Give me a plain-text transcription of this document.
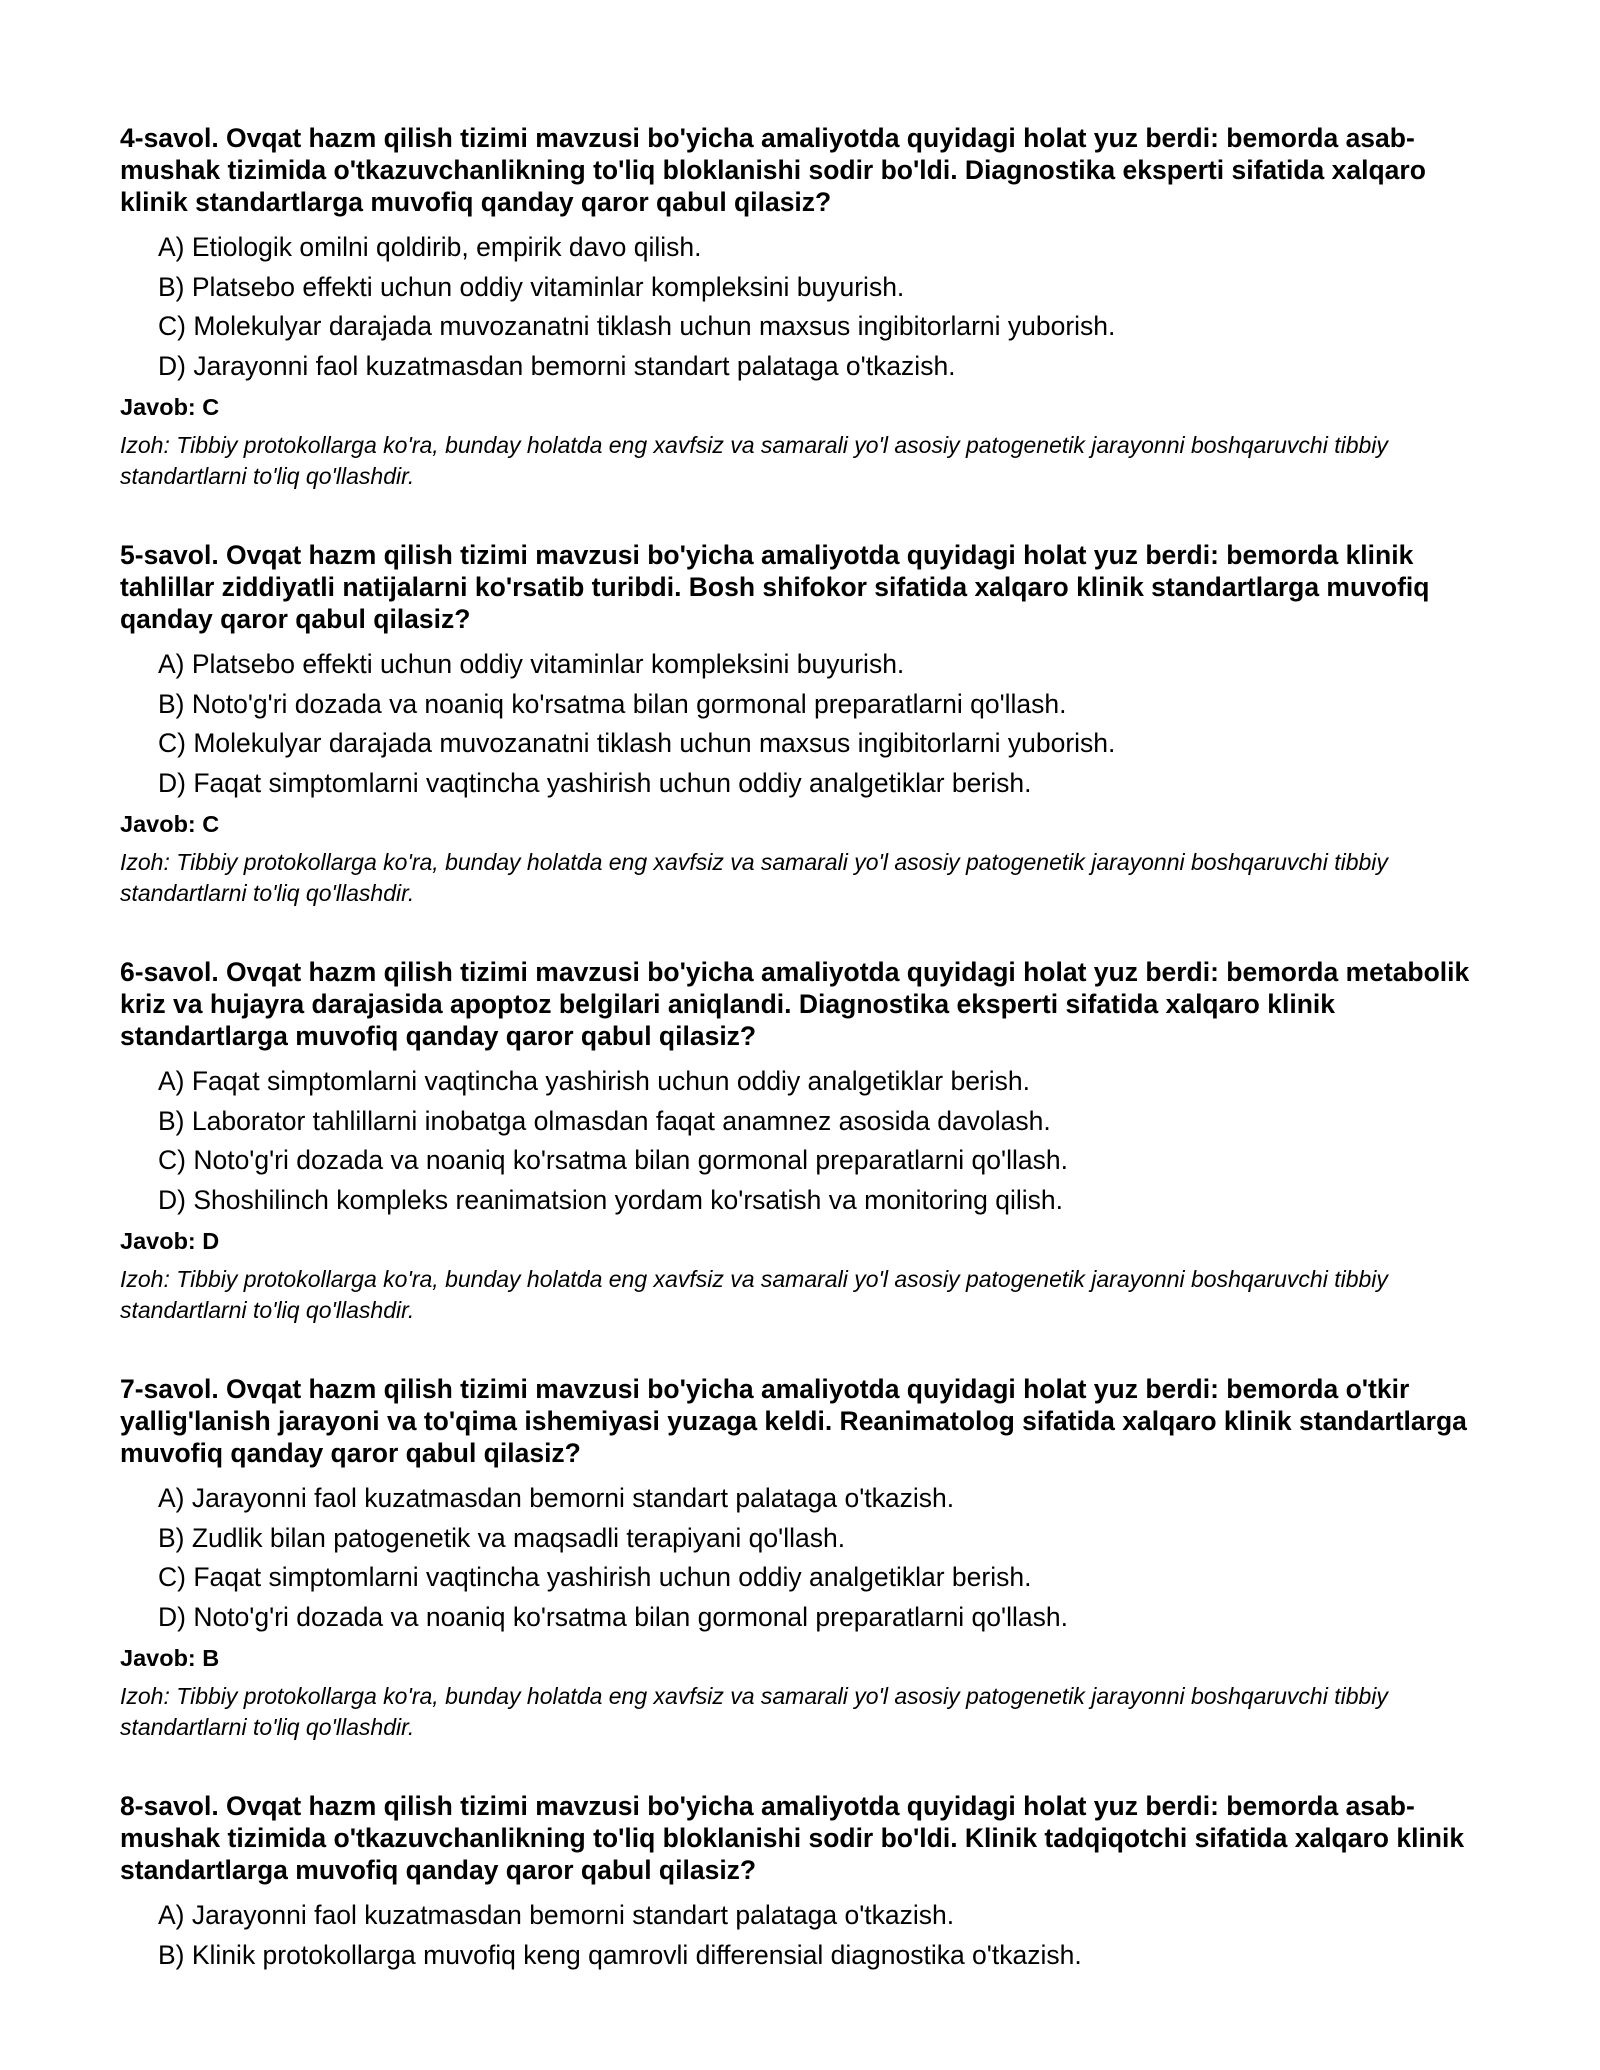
4-savol. Ovqat hazm qilish tizimi mavzusi bo'yicha amaliyotda quyidagi holat yuz berdi: bemorda asab-mushak tizimida o'tkazuvchanlikning to'liq bloklanishi sodir bo'ldi. Diagnostika eksperti sifatida xalqaro klinik standartlarga muvofiq qanday qaror qabul qilasiz?

A) Etiologik omilni qoldirib, empirik davo qilish.
B) Platsebo effekti uchun oddiy vitaminlar kompleksini buyurish.
C) Molekulyar darajada muvozanatni tiklash uchun maxsus ingibitorlarni yuborish.
D) Jarayonni faol kuzatmasdan bemorni standart palataga o'tkazish.

Javob: C

Izoh: Tibbiy protokollarga ko'ra, bunday holatda eng xavfsiz va samarali yo'l asosiy patogenetik jarayonni boshqaruvchi tibbiy standartlarni to'liq qo'llashdir.

5-savol. Ovqat hazm qilish tizimi mavzusi bo'yicha amaliyotda quyidagi holat yuz berdi: bemorda klinik tahlillar ziddiyatli natijalarni ko'rsatib turibdi. Bosh shifokor sifatida xalqaro klinik standartlarga muvofiq qanday qaror qabul qilasiz?

A) Platsebo effekti uchun oddiy vitaminlar kompleksini buyurish.
B) Noto'g'ri dozada va noaniq ko'rsatma bilan gormonal preparatlarni qo'llash.
C) Molekulyar darajada muvozanatni tiklash uchun maxsus ingibitorlarni yuborish.
D) Faqat simptomlarni vaqtincha yashirish uchun oddiy analgetiklar berish.

Javob: C

Izoh: Tibbiy protokollarga ko'ra, bunday holatda eng xavfsiz va samarali yo'l asosiy patogenetik jarayonni boshqaruvchi tibbiy standartlarni to'liq qo'llashdir.

6-savol. Ovqat hazm qilish tizimi mavzusi bo'yicha amaliyotda quyidagi holat yuz berdi: bemorda metabolik kriz va hujayra darajasida apoptoz belgilari aniqlandi. Diagnostika eksperti sifatida xalqaro klinik standartlarga muvofiq qanday qaror qabul qilasiz?

A) Faqat simptomlarni vaqtincha yashirish uchun oddiy analgetiklar berish.
B) Laborator tahlillarni inobatga olmasdan faqat anamnez asosida davolash.
C) Noto'g'ri dozada va noaniq ko'rsatma bilan gormonal preparatlarni qo'llash.
D) Shoshilinch kompleks reanimatsion yordam ko'rsatish va monitoring qilish.

Javob: D

Izoh: Tibbiy protokollarga ko'ra, bunday holatda eng xavfsiz va samarali yo'l asosiy patogenetik jarayonni boshqaruvchi tibbiy standartlarni to'liq qo'llashdir.

7-savol. Ovqat hazm qilish tizimi mavzusi bo'yicha amaliyotda quyidagi holat yuz berdi: bemorda o'tkir yallig'lanish jarayoni va to'qima ishemiyasi yuzaga keldi. Reanimatolog sifatida xalqaro klinik standartlarga muvofiq qanday qaror qabul qilasiz?

A) Jarayonni faol kuzatmasdan bemorni standart palataga o'tkazish.
B) Zudlik bilan patogenetik va maqsadli terapiyani qo'llash.
C) Faqat simptomlarni vaqtincha yashirish uchun oddiy analgetiklar berish.
D) Noto'g'ri dozada va noaniq ko'rsatma bilan gormonal preparatlarni qo'llash.

Javob: B

Izoh: Tibbiy protokollarga ko'ra, bunday holatda eng xavfsiz va samarali yo'l asosiy patogenetik jarayonni boshqaruvchi tibbiy standartlarni to'liq qo'llashdir.

8-savol. Ovqat hazm qilish tizimi mavzusi bo'yicha amaliyotda quyidagi holat yuz berdi: bemorda asab-mushak tizimida o'tkazuvchanlikning to'liq bloklanishi sodir bo'ldi. Klinik tadqiqotchi sifatida xalqaro klinik standartlarga muvofiq qanday qaror qabul qilasiz?

A) Jarayonni faol kuzatmasdan bemorni standart palataga o'tkazish.
B) Klinik protokollarga muvofiq keng qamrovli differensial diagnostika o'tkazish.
